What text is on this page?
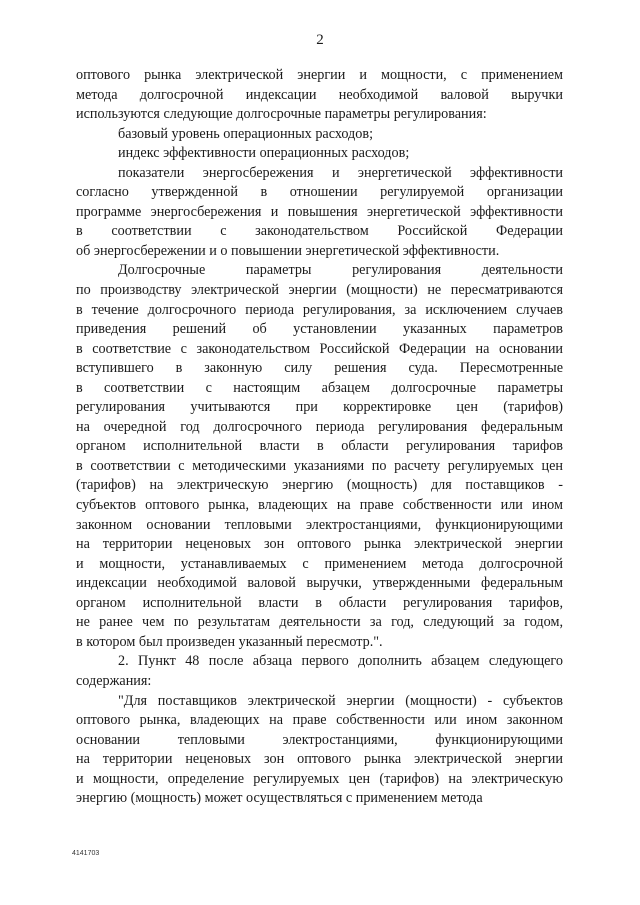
2

оптового рынка электрической энергии и мощности, с применением

метода долгосрочной индексации необходимой валовой выручки

используются следующие долгосрочные параметры регулирования:

базовый уровень операционных расходов;

индекс эффективности операционных расходов;

показатели энергосбережения и энергетической эффективности

согласно утвержденной в отношении регулируемой организации

программе энергосбережения и повышения энергетической эффективности

в соответствии с законодательством Российской Федерации

об энергосбережении и о повышении энергетической эффективности.

Долгосрочные параметры регулирования деятельности

по производству электрической энергии (мощности) не пересматриваются

в течение долгосрочного периода регулирования, за исключением случаев

приведения решений об установлении указанных параметров

в соответствие с законодательством Российской Федерации на основании

вступившего в законную силу решения суда. Пересмотренные

в соответствии с настоящим абзацем долгосрочные параметры

регулирования учитываются при корректировке цен (тарифов)

на очередной год долгосрочного периода регулирования федеральным

органом исполнительной власти в области регулирования тарифов

в соответствии с методическими указаниями по расчету регулируемых цен

(тарифов) на электрическую энергию (мощность) для поставщиков -

субъектов оптового рынка, владеющих на праве собственности или ином

законном основании тепловыми электростанциями, функционирующими

на территории неценовых зон оптового рынка электрической энергии

и мощности, устанавливаемых с применением метода долгосрочной

индексации необходимой валовой выручки, утвержденными федеральным

органом исполнительной власти в области регулирования тарифов,

не ранее чем по результатам деятельности за год, следующий за годом,

в котором был произведен указанный пересмотр.".

2. Пункт 48 после абзаца первого дополнить абзацем следующего

содержания:

"Для поставщиков электрической энергии (мощности) - субъектов

оптового рынка, владеющих на праве собственности или ином законном

основании тепловыми электростанциями, функционирующими

на территории неценовых зон оптового рынка электрической энергии

и мощности, определение регулируемых цен (тарифов) на электрическую

энергию (мощность) может осуществляться с применением метода

4141703
